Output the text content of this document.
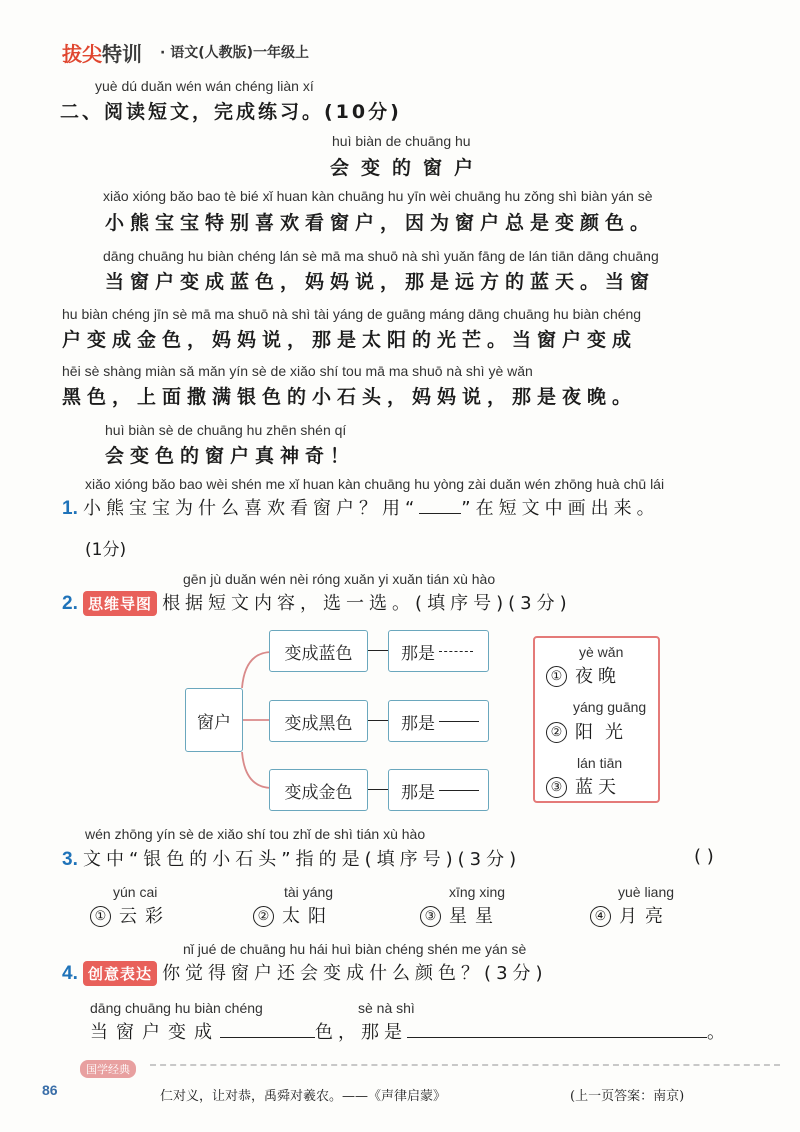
拔尖特训 · 语文(人教版)一年级上
yuè dú duǎn wén wán chéng liàn xí
二、阅读短文，完成练习。(10分)
huì biàn de chuāng hu
会变的窗户
xiǎo xióng bǎo bao tè bié xǐ huan kàn chuāng hu yīn wèi chuāng hu zǒng shì biàn yán sè
小熊宝宝特别喜欢看窗户，因为窗户总是变颜色。
dāng chuāng hu biàn chéng lán sè mā ma shuō nà shì yuǎn fāng de lán tiān dāng chuāng
当窗户变成蓝色，妈妈说，那是远方的蓝天。当窗
hu biàn chéng jīn sè mā ma shuō nà shì tài yáng de guāng máng dāng chuāng hu biàn chéng
户变成金色，妈妈说，那是太阳的光芒。当窗户变成
hēi sè shàng miàn sǎ mǎn yín sè de xiǎo shí tou mā ma shuō nà shì yè wǎn
黑色，上面撒满银色的小石头，妈妈说，那是夜晚。
huì biàn sè de chuāng hu zhēn shén qí
会变色的窗户真神奇！
xiǎo xióng bǎo bao wèi shén me xǐ huan kàn chuāng hu yòng zài duǎn wén zhōng huà chū lái
1. 小熊宝宝为什么喜欢看窗户？用“ ”在短文中画出来。
(1分)
gēn jù duǎn wén nèi róng xuǎn yi xuǎn tián xù hào
2. 思维导图 根据短文内容，选一选。(填序号)(3分)
窗户
变成蓝色
变成黑色
变成金色
那是
那是
那是
yè wǎn
① 夜晚
yáng guāng
② 阳光
lán tiān
③ 蓝天
wén zhōng yín sè de xiǎo shí tou zhǐ de shì tián xù hào
3. 文中“银色的小石头”指的是(填序号)(3分)	( )
yún cai
① 云彩
tài yáng
② 太阳
xīng xing
③ 星星
yuè liang
④ 月亮
nǐ jué de chuāng hu hái huì biàn chéng shén me yán sè
4. 创意表达 你觉得窗户还会变成什么颜色？(3分)
dāng chuāng hu biàn chéng	sè nà shì
当窗户变成	色，那是	。
国学经典
86	仁对义，让对恭，禹舜对羲农。——《声律启蒙》	(上一页答案：南京)
